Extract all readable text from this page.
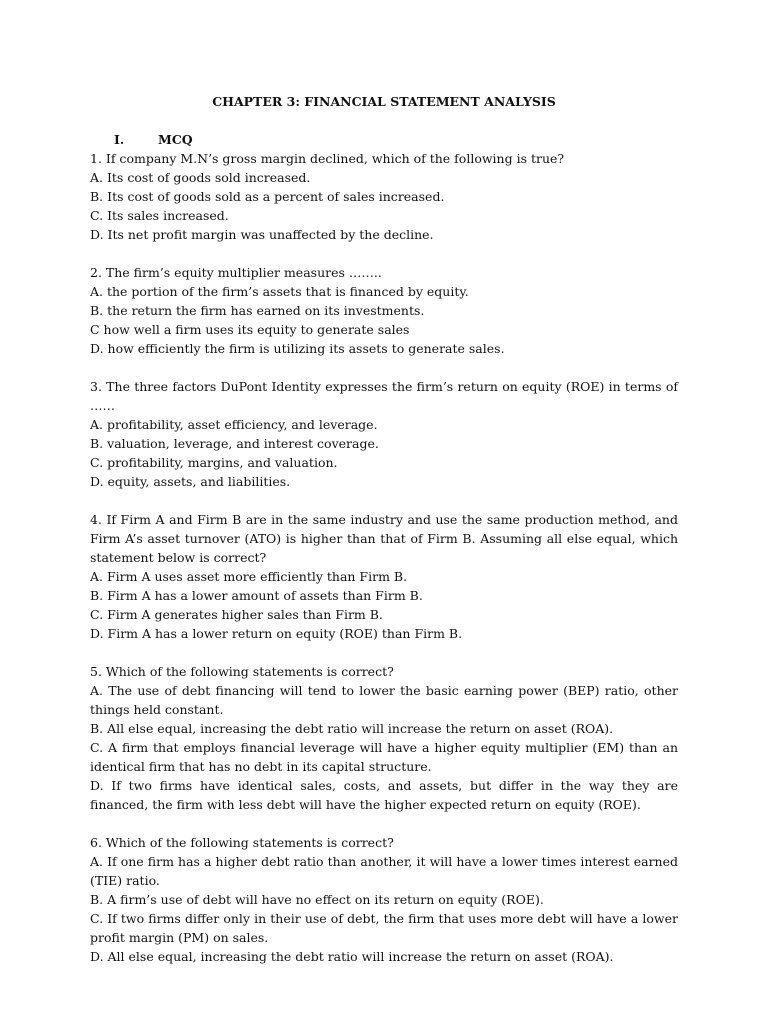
CHAPTER 3: FINANCIAL STATEMENT ANALYSIS
I.	MCQ
1. If company M.N’s gross margin declined, which of the following is true?
A. Its cost of goods sold increased.
B. Its cost of goods sold as a percent of sales increased.
C. Its sales increased.
D. Its net profit margin was unaffected by the decline.
2. The firm’s equity multiplier measures ……..
A. the portion of the firm’s assets that is financed by equity.
B. the return the firm has earned on its investments.
C how well a firm uses its equity to generate sales
D. how efficiently the firm is utilizing its assets to generate sales.
3. The three factors DuPont Identity expresses the firm’s return on equity (ROE) in terms of ……
A. profitability, asset efficiency, and leverage.
B. valuation, leverage, and interest coverage.
C. profitability, margins, and valuation.
D. equity, assets, and liabilities.
4. If Firm A and Firm B are in the same industry and use the same production method, and Firm A’s asset turnover (ATO) is higher than that of Firm B. Assuming all else equal, which statement below is correct?
A. Firm A uses asset more efficiently than Firm B.
B. Firm A has a lower amount of assets than Firm B.
C. Firm A generates higher sales than Firm B.
D. Firm A has a lower return on equity (ROE) than Firm B.
5. Which of the following statements is correct?
A. The use of debt financing will tend to lower the basic earning power (BEP) ratio, other things held constant.
B. All else equal, increasing the debt ratio will increase the return on asset (ROA).
C. A firm that employs financial leverage will have a higher equity multiplier (EM) than an identical firm that has no debt in its capital structure.
D. If two firms have identical sales, costs, and assets, but differ in the way they are financed, the firm with less debt will have the higher expected return on equity (ROE).
6. Which of the following statements is correct?
A. If one firm has a higher debt ratio than another, it will have a lower times interest earned (TIE) ratio.
B. A firm’s use of debt will have no effect on its return on equity (ROE).
C. If two firms differ only in their use of debt, the firm that uses more debt will have a lower profit margin (PM) on sales.
D. All else equal, increasing the debt ratio will increase the return on asset (ROA).
